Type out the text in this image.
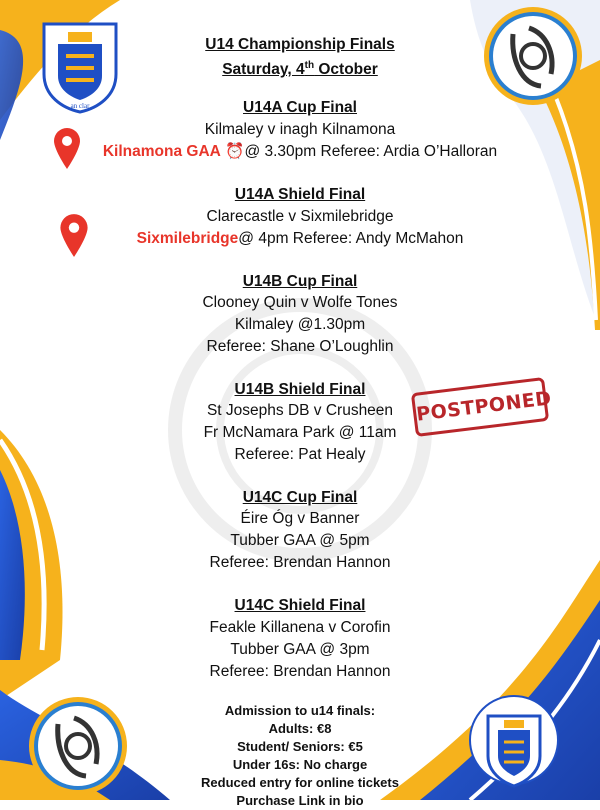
an clar
U14 Championship Finals
Saturday, 4th October
U14A Cup Final
Kilmaley v inagh Kilnamona
Kilnamona GAA ⏰@ 3.30pm Referee: Ardia O’Halloran
U14A Shield Final
Clarecastle v Sixmilebridge
Sixmilebridge@ 4pm Referee: Andy McMahon
U14B Cup Final
Clooney Quin v Wolfe Tones
Kilmaley @1.30pm
Referee: Shane O’Loughlin
U14B Shield Final
St Josephs DB v Crusheen
Fr McNamara Park @ 11am
Referee: Pat Healy
U14C Cup Final
Éire Óg v Banner
Tubber GAA @ 5pm
Referee: Brendan Hannon
U14C Shield Final
Feakle Killanena v Corofin
Tubber GAA @ 3pm
Referee: Brendan Hannon
Admission to u14 finals:
Adults: €8
Student/ Seniors: €5
Under 16s: No charge
Reduced entry for online tickets
Purchase Link in bio
POSTPONED
